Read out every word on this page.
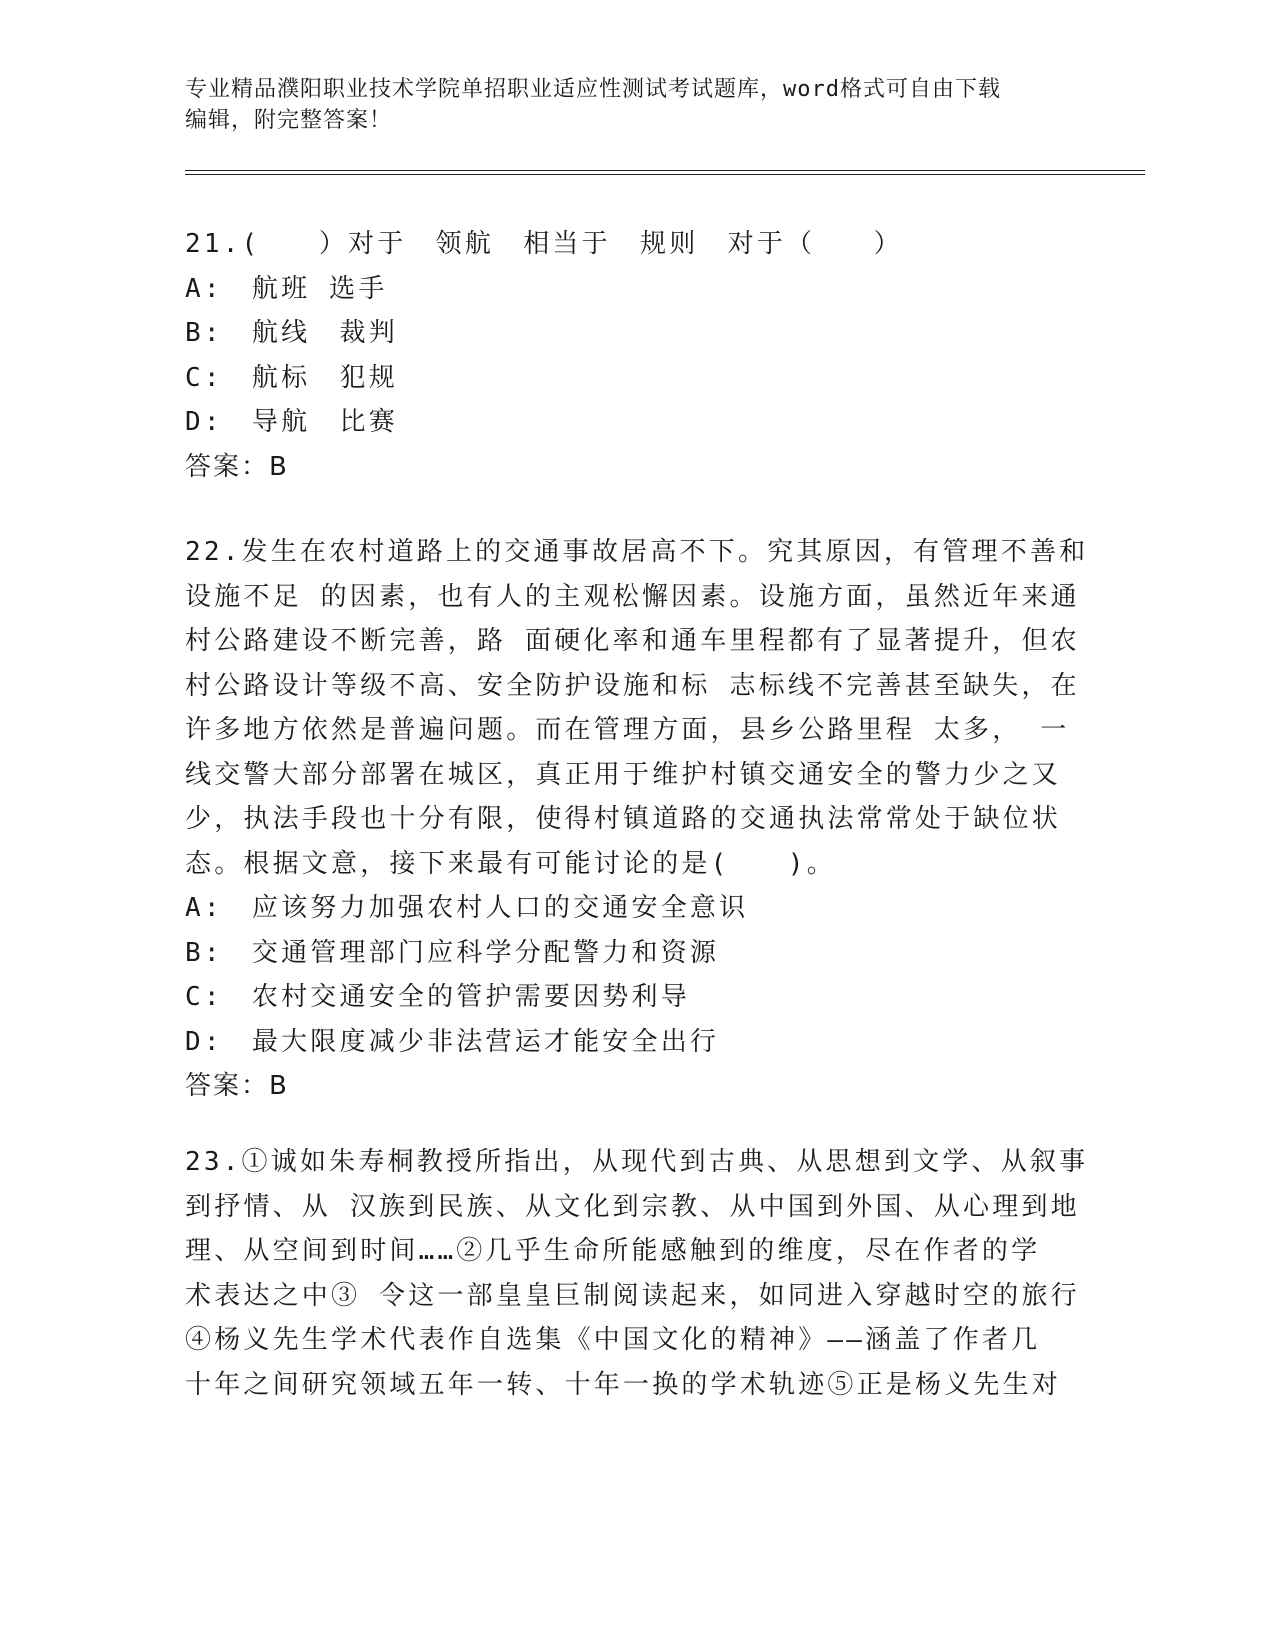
专业精品濮阳职业技术学院单招职业适应性测试考试题库，word格式可自由下载
编辑，附完整答案！
21.(　　）对于　领航　相当于　规则　对于（　　）
A:　航班 选手
B:　航线　裁判
C:　航标　犯规
D:　导航　比赛
答案：B
22.发生在农村道路上的交通事故居高不下。究其原因，有管理不善和
设施不足 的因素，也有人的主观松懈因素。设施方面，虽然近年来通
村公路建设不断完善，路 面硬化率和通车里程都有了显著提升，但农
村公路设计等级不高、安全防护设施和标 志标线不完善甚至缺失，在
许多地方依然是普遍问题。而在管理方面，县乡公路里程 太多， 一
线交警大部分部署在城区，真正用于维护村镇交通安全的警力少之又
少，执法手段也十分有限，使得村镇道路的交通执法常常处于缺位状
态。根据文意，接下来最有可能讨论的是(　　)。
A:　应该努力加强农村人口的交通安全意识
B:　交通管理部门应科学分配警力和资源
C:　农村交通安全的管护需要因势利导
D:　最大限度减少非法营运才能安全出行
答案：B
23.①诚如朱寿桐教授所指出，从现代到古典、从思想到文学、从叙事
到抒情、从 汉族到民族、从文化到宗教、从中国到外国、从心理到地
理、从空间到时间……②几乎生命所能感触到的维度，尽在作者的学
术表达之中③ 令这一部皇皇巨制阅读起来，如同进入穿越时空的旅行
④杨义先生学术代表作自选集《中国文化的精神》——涵盖了作者几
十年之间研究领域五年一转、十年一换的学术轨迹⑤正是杨义先生对
